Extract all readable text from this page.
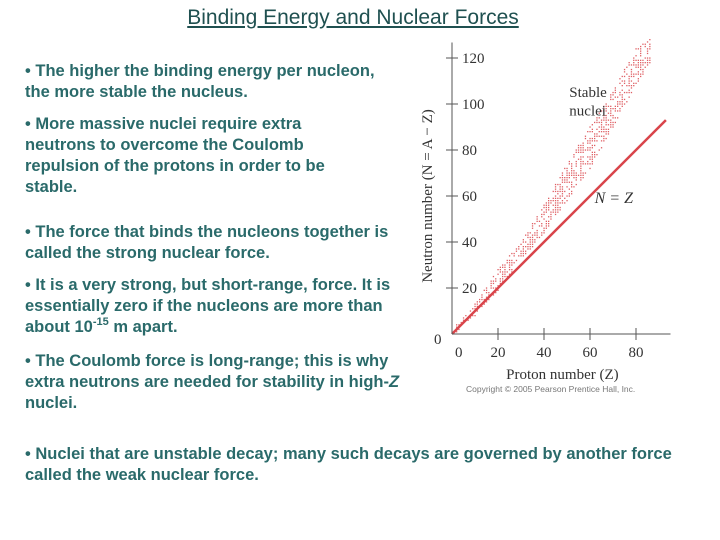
Binding Energy and Nuclear Forces
• The higher the binding energy per nucleon, the more stable the nucleus.
• More massive nuclei require extra neutrons to overcome the Coulomb repulsion of the protons in order to be stable.
• The force that binds the nucleons together is called the strong nuclear force.
• It is a very strong, but short-range, force. It is essentially zero if the nucleons are more than about $10^{-15}$ m apart.
• The Coulomb force is long-range; this is why extra neutrons are needed for stability in high-Z nuclei.
• Nuclei that are unstable decay; many such decays are governed by another force called the weak nuclear force.
20
40
60
80
100
120
20 40 60 80
Neutron number (N = A − Z)
Proton number (Z)
Stable
nuclei
N = Z
0
0
Copyright © 2005 Pearson Prentice Hall, Inc.
